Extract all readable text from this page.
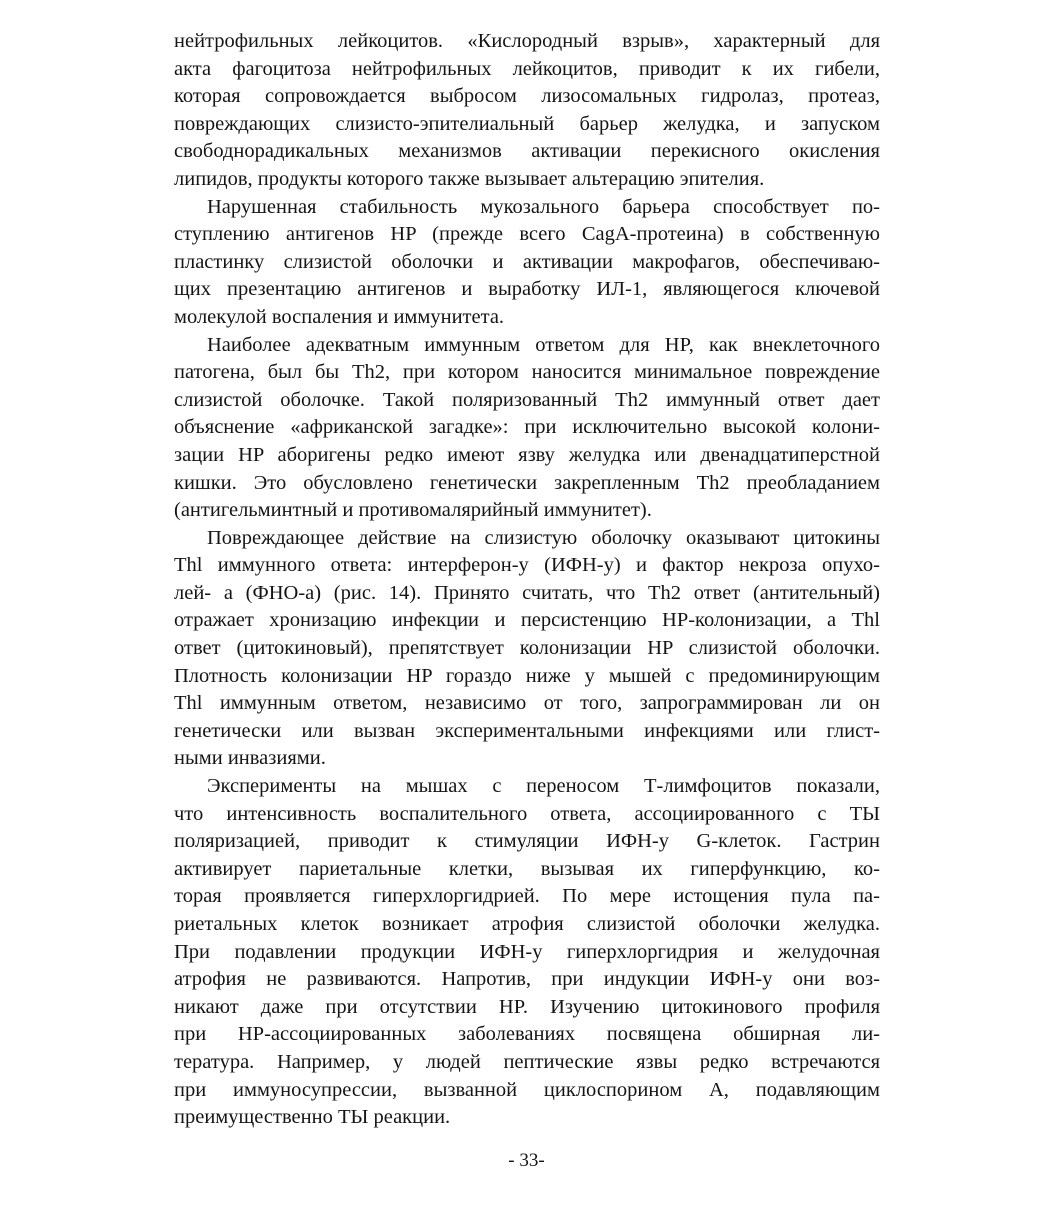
нейтрофильных лейкоцитов. «Кислородный взрыв», характерный для
акта фагоцитоза нейтрофильных лейкоцитов, приводит к их гибели,
которая сопровождается выбросом лизосомальных гидролаз, протеаз,
повреждающих слизисто-эпителиальный барьер желудка, и запуском
свободнорадикальных механизмов активации перекисного окисления
липидов, продукты которого также вызывает альтерацию эпителия.
Нарушенная стабильность мукозального барьера способствует по-
ступлению антигенов HP (прежде всего CagA-протеина) в собственную
пластинку слизистой оболочки и активации макрофагов, обеспечиваю-
щих презентацию антигенов и выработку ИЛ-1, являющегося ключевой
молекулой воспаления и иммунитета.
Наиболее адекватным иммунным ответом для HP, как внеклеточного
патогена, был бы Th2, при котором наносится минимальное повреждение
слизистой оболочке. Такой поляризованный Th2 иммунный ответ дает
объяснение «африканской загадке»: при исключительно высокой колони-
зации HP аборигены редко имеют язву желудка или двенадцатиперстной
кишки. Это обусловлено генетически закрепленным Th2 преобладанием
(антигельминтный и противомалярийный иммунитет).
Повреждающее действие на слизистую оболочку оказывают цитокины
Thl иммунного ответа: интерферон-у (ИФН-у) и фактор некроза опухо-
лей- а (ФНО-а) (рис. 14). Принято считать, что Th2 ответ (антительный)
отражает хронизацию инфекции и персистенцию HP-колонизации, а Thl
ответ (цитокиновый), препятствует колонизации HP слизистой оболочки.
Плотность колонизации HP гораздо ниже у мышей с предоминирующим
Thl иммунным ответом, независимо от того, запрограммирован ли он
генетически или вызван экспериментальными инфекциями или глист-
ными инвазиями.
Эксперименты на мышах с переносом Т-лимфоцитов показали,
что интенсивность воспалительного ответа, ассоциированного с ТЫ
поляризацией, приводит к стимуляции ИФН-у G-клеток. Гастрин
активирует париетальные клетки, вызывая их гиперфункцию, ко-
торая проявляется гиперхлоргидрией. По мере истощения пула па-
риетальных клеток возникает атрофия слизистой оболочки желудка.
При подавлении продукции ИФН-у гиперхлоргидрия и желудочная
атрофия не развиваются. Напротив, при индукции ИФН-у они воз-
никают даже при отсутствии HP. Изучению цитокинового профиля
при HP-ассоциированных заболеваниях посвящена обширная ли-
тература. Например, у людей пептические язвы редко встречаются
при иммуносупрессии, вызванной циклоспорином А, подавляющим
преимущественно ТЫ реакции.
- 33-
